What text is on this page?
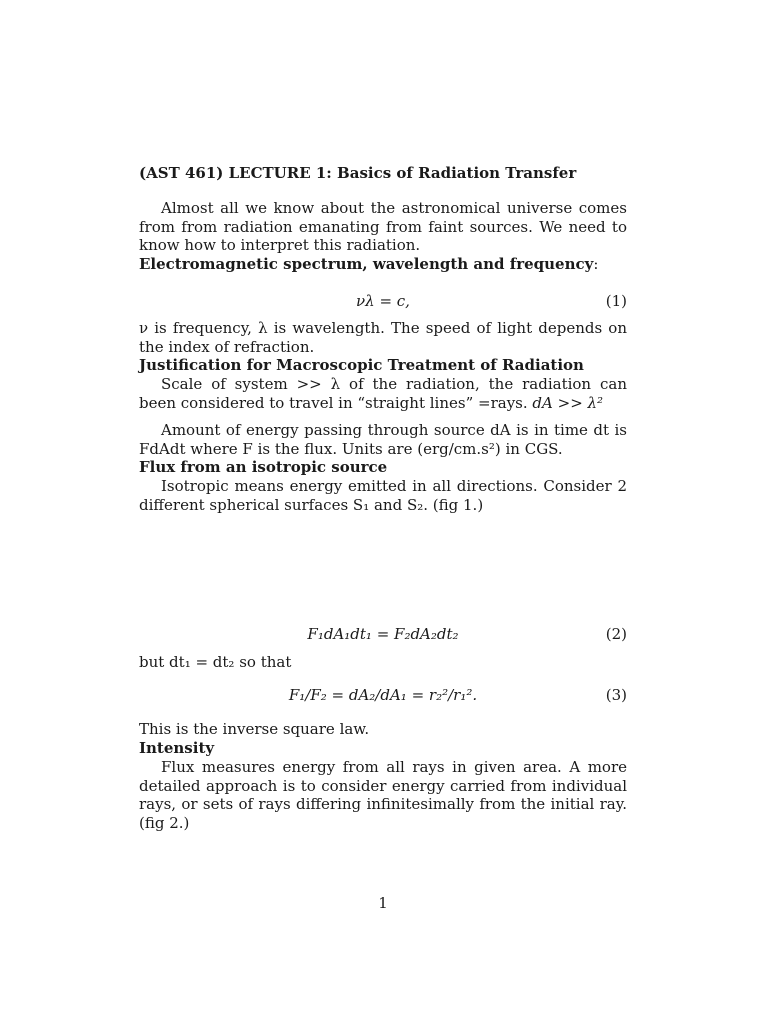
(AST 461) LECTURE 1: Basics of Radiation Transfer
Almost all we know about the astronomical universe comes from from radiation emanating from faint sources. We need to know how to interpret this radiation.
Electromagnetic spectrum, wavelength and frequency:
νλ = c,	(1)
ν is frequency, λ is wavelength. The speed of light depends on the index of refraction.
Justification for Macroscopic Treatment of Radiation
Scale of system >> λ of the radiation, the radiation can been considered to travel in “straight lines” =rays. dA >> λ²
Amount of energy passing through source dA is in time dt is FdAdt where F is the flux. Units are (erg/cm.s²) in CGS.
Flux from an isotropic source
Isotropic means energy emitted in all directions. Consider 2 different spherical surfaces S₁ and S₂. (fig 1.)
F₁dA₁dt₁ = F₂dA₂dt₂	(2)
but dt₁ = dt₂ so that
F₁/F₂ = dA₂/dA₁ = r₂²/r₁².	(3)
This is the inverse square law.
Intensity
Flux measures energy from all rays in given area. A more detailed approach is to consider energy carried from individual rays, or sets of rays differing infinitesimally from the initial ray. (fig 2.)
1
